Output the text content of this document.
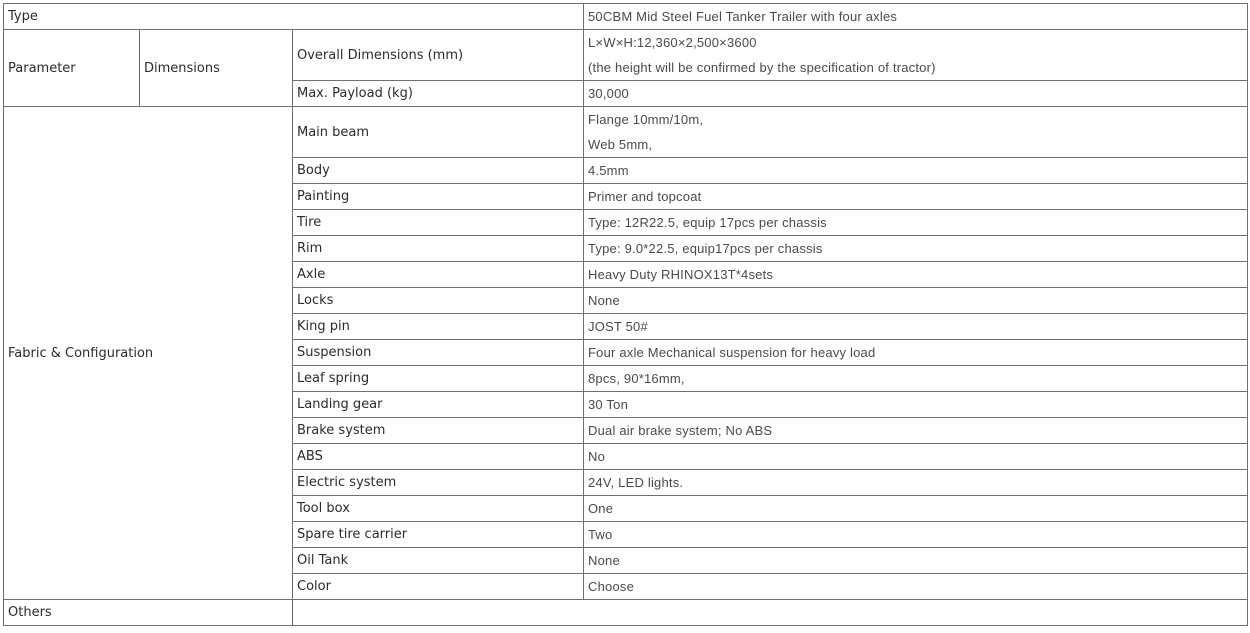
Type			50CBM Mid Steel Fuel Tanker Trailer with four axles
Parameter	Dimensions	Overall Dimensions (mm)	L×W×H:12,360×2,500×3600
(the height will be confirmed by the specification of tractor)

		Max. Payload (kg)	30,000

Fabric & Configuration		Main beam	Flange 10mm/10m,
Web 5mm,

		Body	4.5mm

		Painting	Primer and topcoat

		Tire	Type: 12R22.5, equip 17pcs per chassis

		Rim	Type: 9.0*22.5, equip17pcs per chassis

		Axle	Heavy Duty RHINOX13T*4sets

		Locks	None

		King pin	JOST 50#

		Suspension	Four axle Mechanical suspension for heavy load

		Leaf spring	8pcs, 90*16mm,

		Landing gear	30 Ton

		Brake system	Dual air brake system; No ABS

		ABS	No

		Electric system	24V, LED lights.

		Tool box	One

		Spare tire carrier	Two

		Oil Tank	None

		Color	Choose

Others			
